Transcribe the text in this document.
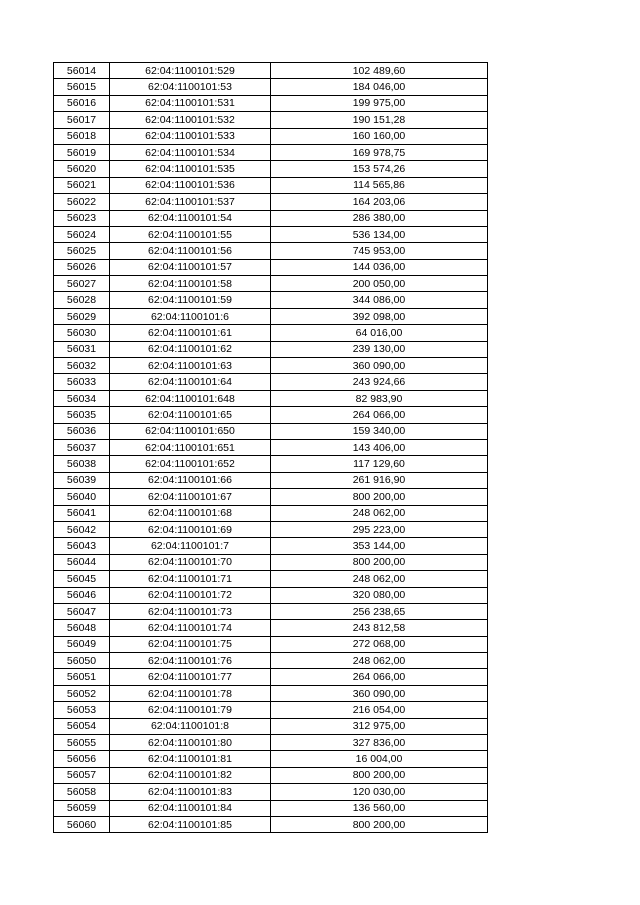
56014	62:04:1100101:529	102 489,60
56015	62:04:1100101:53	184 046,00
56016	62:04:1100101:531	199 975,00
56017	62:04:1100101:532	190 151,28
56018	62:04:1100101:533	160 160,00
56019	62:04:1100101:534	169 978,75
56020	62:04:1100101:535	153 574,26
56021	62:04:1100101:536	114 565,86
56022	62:04:1100101:537	164 203,06
56023	62:04:1100101:54	286 380,00
56024	62:04:1100101:55	536 134,00
56025	62:04:1100101:56	745 953,00
56026	62:04:1100101:57	144 036,00
56027	62:04:1100101:58	200 050,00
56028	62:04:1100101:59	344 086,00
56029	62:04:1100101:6	392 098,00
56030	62:04:1100101:61	64 016,00
56031	62:04:1100101:62	239 130,00
56032	62:04:1100101:63	360 090,00
56033	62:04:1100101:64	243 924,66
56034	62:04:1100101:648	82 983,90
56035	62:04:1100101:65	264 066,00
56036	62:04:1100101:650	159 340,00
56037	62:04:1100101:651	143 406,00
56038	62:04:1100101:652	117 129,60
56039	62:04:1100101:66	261 916,90
56040	62:04:1100101:67	800 200,00
56041	62:04:1100101:68	248 062,00
56042	62:04:1100101:69	295 223,00
56043	62:04:1100101:7	353 144,00
56044	62:04:1100101:70	800 200,00
56045	62:04:1100101:71	248 062,00
56046	62:04:1100101:72	320 080,00
56047	62:04:1100101:73	256 238,65
56048	62:04:1100101:74	243 812,58
56049	62:04:1100101:75	272 068,00
56050	62:04:1100101:76	248 062,00
56051	62:04:1100101:77	264 066,00
56052	62:04:1100101:78	360 090,00
56053	62:04:1100101:79	216 054,00
56054	62:04:1100101:8	312 975,00
56055	62:04:1100101:80	327 836,00
56056	62:04:1100101:81	16 004,00
56057	62:04:1100101:82	800 200,00
56058	62:04:1100101:83	120 030,00
56059	62:04:1100101:84	136 560,00
56060	62:04:1100101:85	800 200,00
